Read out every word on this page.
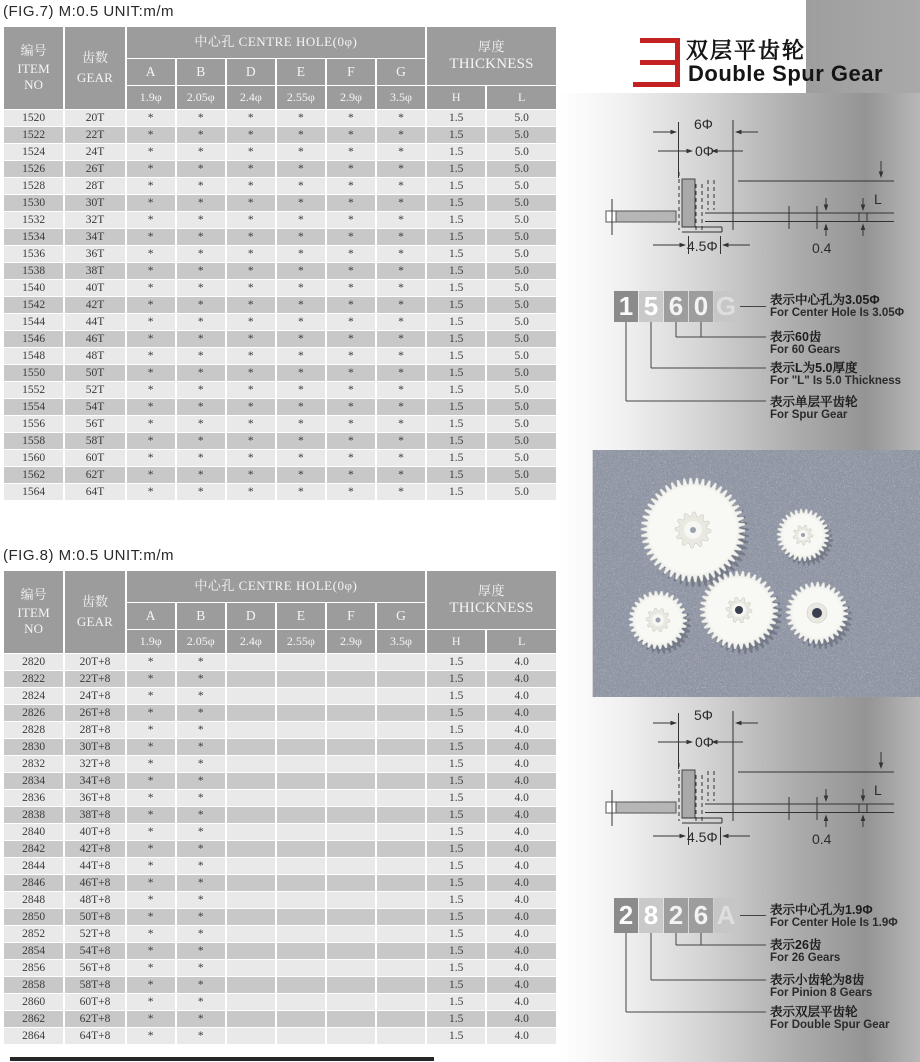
(FIG.7) M:0.5 UNIT:m/m
编号
ITEM NO	齿数
GEAR	中心孔 CENTRE HOLE(0φ)						厚度
THICKNESS	

		A	B	D	E	F	G		
		1.9φ	2.05φ	2.4φ	2.55φ	2.9φ	3.5φ	H	L
1520	20T	*	*	*	*	*	*	1.5	5.0
1522	22T	*	*	*	*	*	*	1.5	5.0
1524	24T	*	*	*	*	*	*	1.5	5.0
1526	26T	*	*	*	*	*	*	1.5	5.0
1528	28T	*	*	*	*	*	*	1.5	5.0
1530	30T	*	*	*	*	*	*	1.5	5.0
1532	32T	*	*	*	*	*	*	1.5	5.0
1534	34T	*	*	*	*	*	*	1.5	5.0
1536	36T	*	*	*	*	*	*	1.5	5.0
1538	38T	*	*	*	*	*	*	1.5	5.0
1540	40T	*	*	*	*	*	*	1.5	5.0
1542	42T	*	*	*	*	*	*	1.5	5.0
1544	44T	*	*	*	*	*	*	1.5	5.0
1546	46T	*	*	*	*	*	*	1.5	5.0
1548	48T	*	*	*	*	*	*	1.5	5.0
1550	50T	*	*	*	*	*	*	1.5	5.0
1552	52T	*	*	*	*	*	*	1.5	5.0
1554	54T	*	*	*	*	*	*	1.5	5.0
1556	56T	*	*	*	*	*	*	1.5	5.0
1558	58T	*	*	*	*	*	*	1.5	5.0
1560	60T	*	*	*	*	*	*	1.5	5.0
1562	62T	*	*	*	*	*	*	1.5	5.0
1564	64T	*	*	*	*	*	*	1.5	5.0
(FIG.8) M:0.5 UNIT:m/m
编号
ITEM NO	齿数
GEAR	中心孔 CENTRE HOLE(0φ)						厚度
THICKNESS	

		A	B	D	E	F	G		
		1.9φ	2.05φ	2.4φ	2.55φ	2.9φ	3.5φ	H	L
2820	20T+8	*	*					1.5	4.0
2822	22T+8	*	*					1.5	4.0
2824	24T+8	*	*					1.5	4.0
2826	26T+8	*	*					1.5	4.0
2828	28T+8	*	*					1.5	4.0
2830	30T+8	*	*					1.5	4.0
2832	32T+8	*	*					1.5	4.0
2834	34T+8	*	*					1.5	4.0
2836	36T+8	*	*					1.5	4.0
2838	38T+8	*	*					1.5	4.0
2840	40T+8	*	*					1.5	4.0
2842	42T+8	*	*					1.5	4.0
2844	44T+8	*	*					1.5	4.0
2846	46T+8	*	*					1.5	4.0
2848	48T+8	*	*					1.5	4.0
2850	50T+8	*	*					1.5	4.0
2852	52T+8	*	*					1.5	4.0
2854	54T+8	*	*					1.5	4.0
2856	56T+8	*	*					1.5	4.0
2858	58T+8	*	*					1.5	4.0
2860	60T+8	*	*					1.5	4.0
2862	62T+8	*	*					1.5	4.0
2864	64T+8	*	*					1.5	4.0
双层平齿轮
Double Spur Gear
6Φ
0Φ
4.5Φ	0.4
L
1 5 6 0 G	表示中心孔为3.05Φ
For Center Hole Is 3.05Φ
表示60齿
For 60 Gears
表示L为5.0厚度
For "L" Is 5.0 Thickness
表示单层平齿轮
For Spur Gear
5Φ
0Φ
4.5Φ	0.4
L
2 8 2 6 A	表示中心孔为1.9Φ
For Center Hole Is 1.9Φ
表示26齿
For 26 Gears
表示小齿轮为8齿
For Pinion 8 Gears
表示双层平齿轮
For Double Spur Gear
